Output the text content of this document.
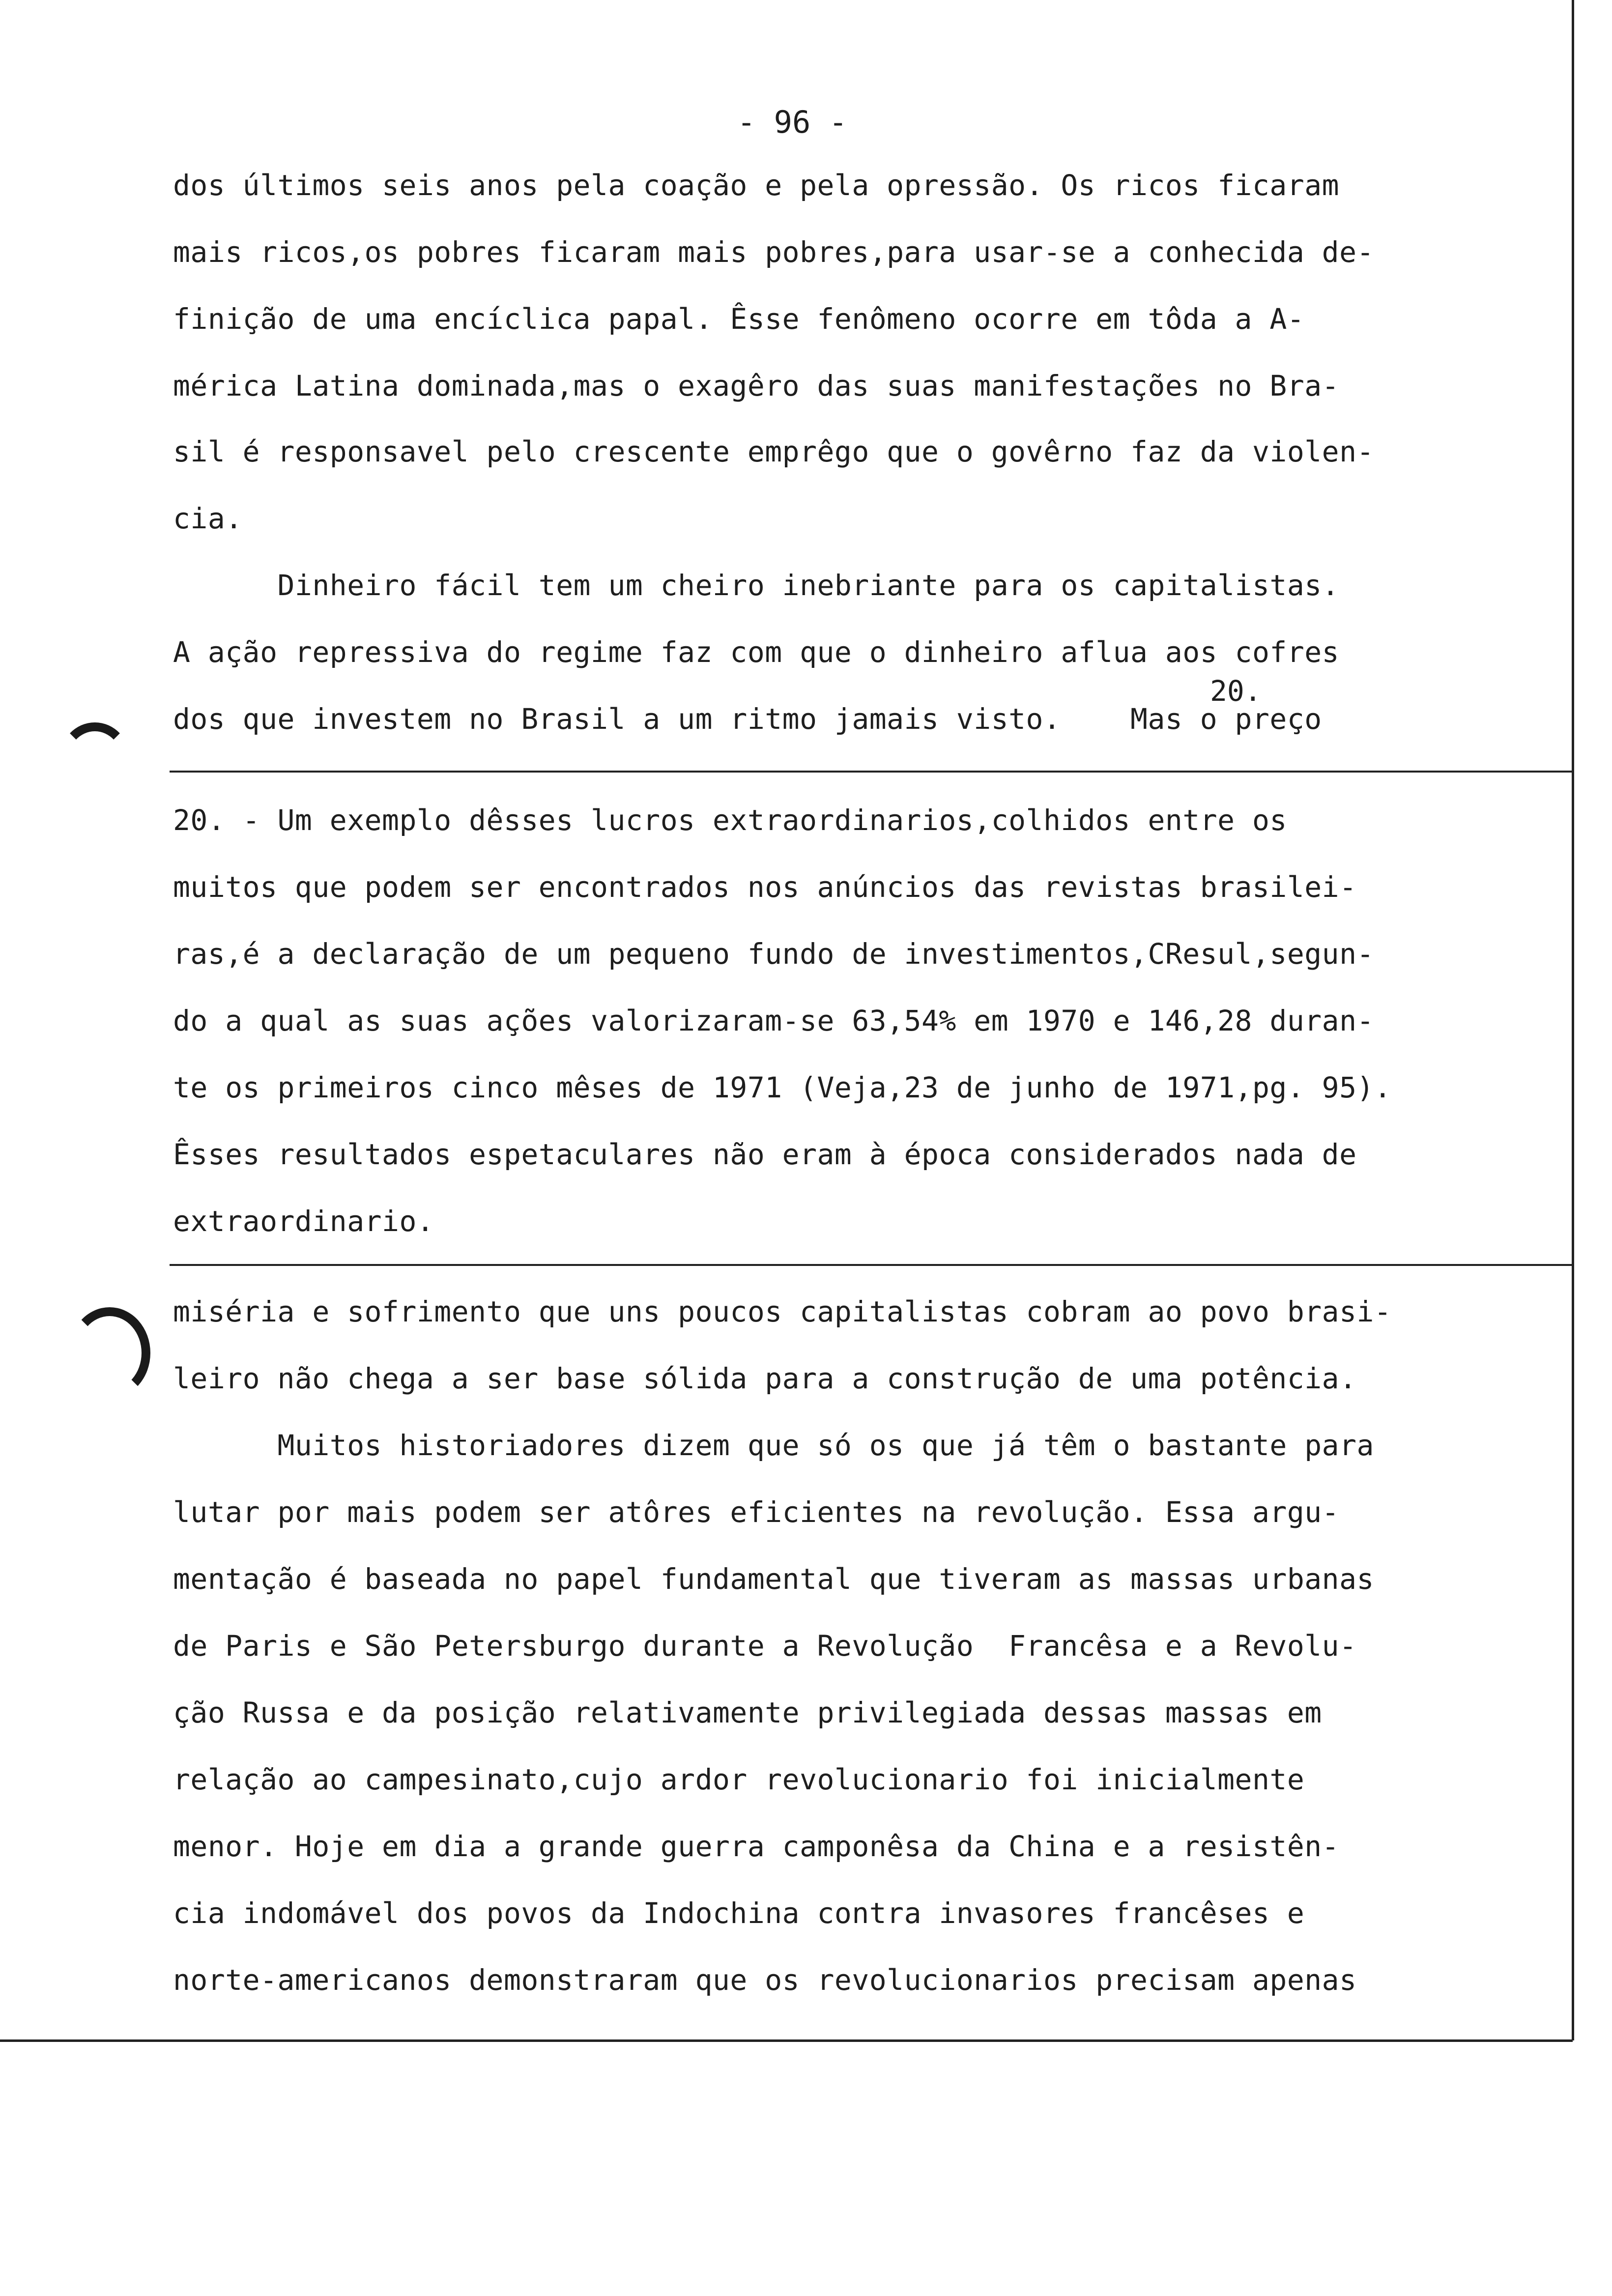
- 96 -
dos últimos seis anos pela coação e pela opressão. Os ricos ficaram
mais ricos,os pobres ficaram mais pobres,para usar-se a conhecida de-
finição de uma encíclica papal. Êsse fenômeno ocorre em tôda a A-
mérica Latina dominada,mas o exagêro das suas manifestações no Bra-
sil é responsavel pelo crescente emprêgo que o govêrno faz da violen-
cia.
Dinheiro fácil tem um cheiro inebriante para os capitalistas.
A ação repressiva do regime faz com que o dinheiro aflua aos cofres
dos que investem no Brasil a um ritmo jamais visto.    Mas o preço
20.
20. - Um exemplo dêsses lucros extraordinarios,colhidos entre os
muitos que podem ser encontrados nos anúncios das revistas brasilei-
ras,é a declaração de um pequeno fundo de investimentos,CResul,segun-
do a qual as suas ações valorizaram-se 63,54% em 1970 e 146,28 duran-
te os primeiros cinco mêses de 1971 (Veja,23 de junho de 1971,pg. 95).
Êsses resultados espetaculares não eram à época considerados nada de
extraordinario.
miséria e sofrimento que uns poucos capitalistas cobram ao povo brasi-
leiro não chega a ser base sólida para a construção de uma potência.
Muitos historiadores dizem que só os que já têm o bastante para
lutar por mais podem ser atôres eficientes na revolução. Essa argu-
mentação é baseada no papel fundamental que tiveram as massas urbanas
de Paris e São Petersburgo durante a Revolução  Francêsa e a Revolu-
ção Russa e da posição relativamente privilegiada dessas massas em
relação ao campesinato,cujo ardor revolucionario foi inicialmente
menor. Hoje em dia a grande guerra camponêsa da China e a resistên-
cia indomável dos povos da Indochina contra invasores francêses e
norte-americanos demonstraram que os revolucionarios precisam apenas
